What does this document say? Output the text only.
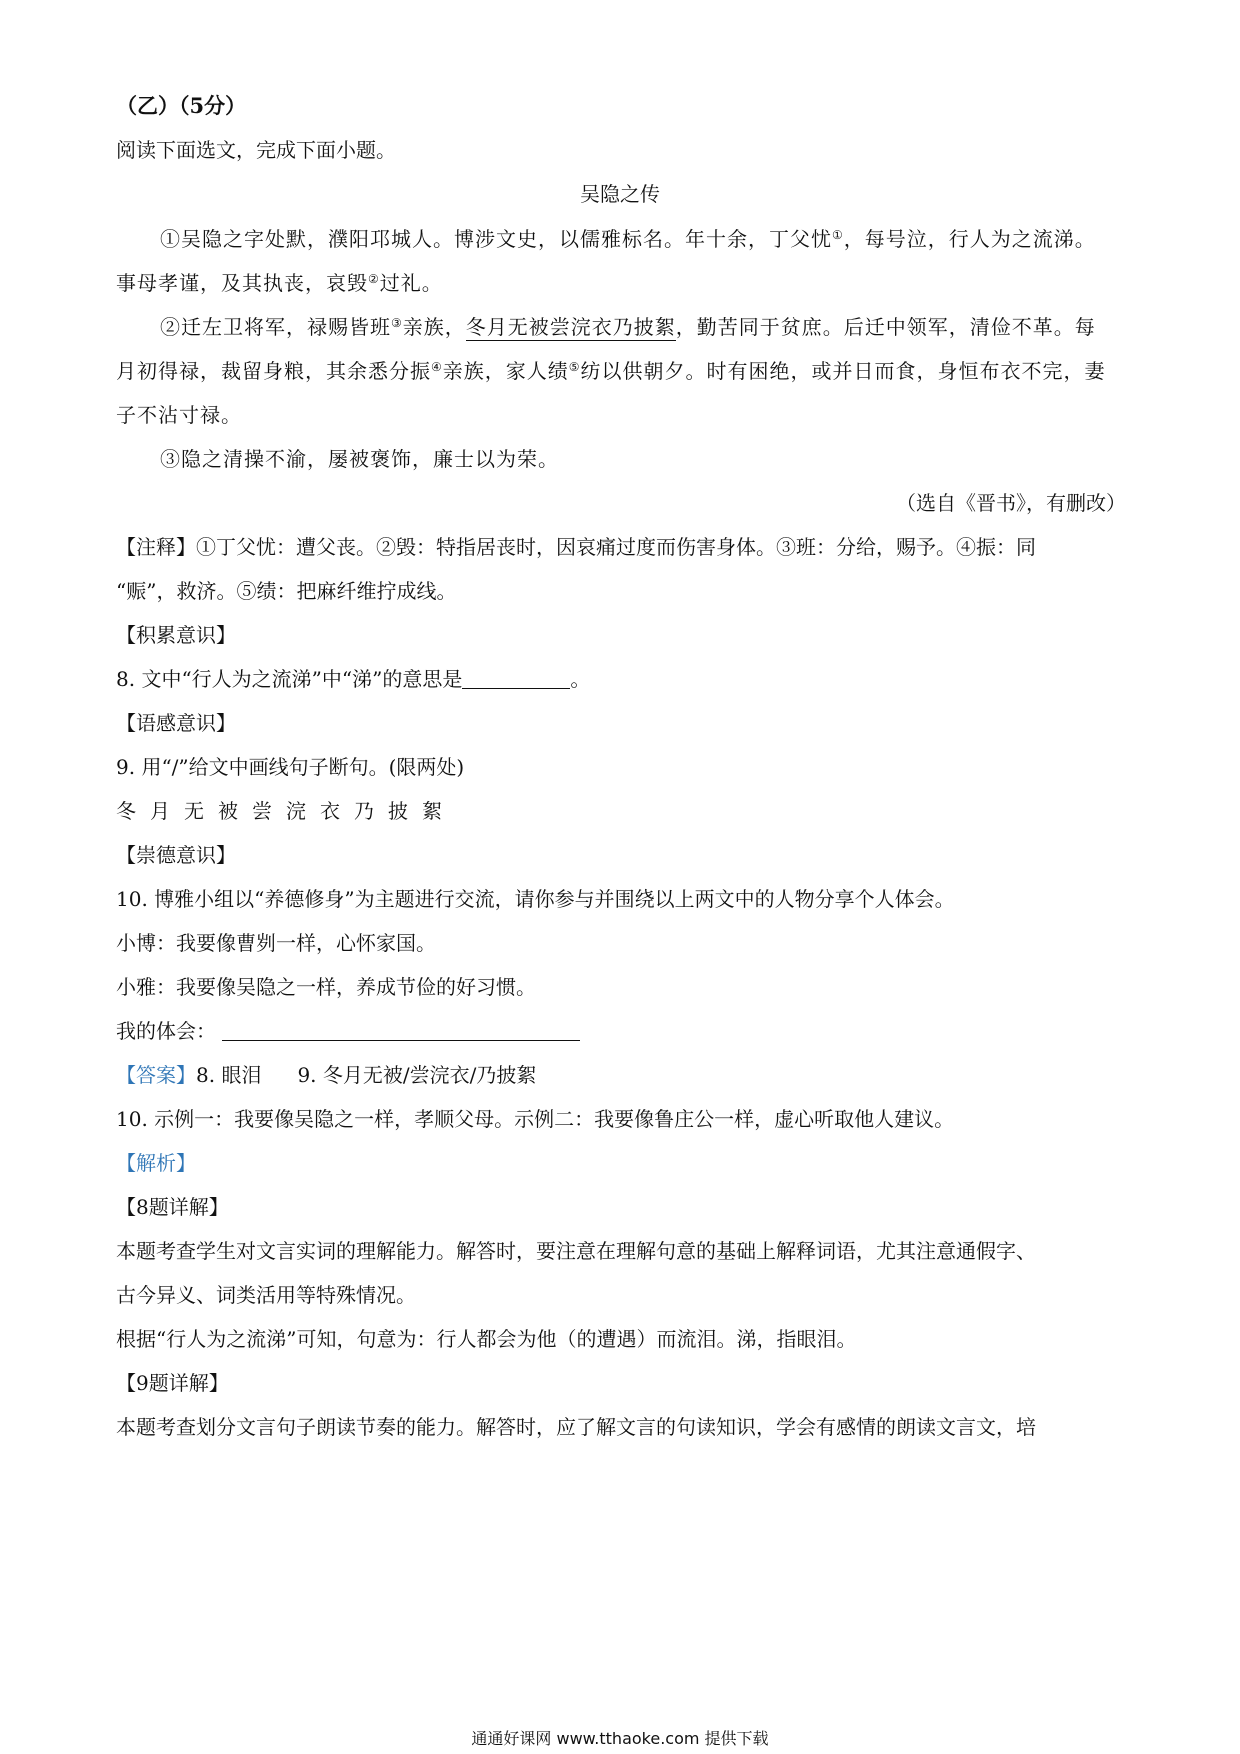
（乙）（5分）
阅读下面选文，完成下面小题。
吴隐之传
①吴隐之字处默，濮阳邛城人。博涉文史，以儒雅标名。年十余，丁父忧①，每号泣，行人为之流涕。
事母孝谨，及其执丧，哀毁②过礼。
②迁左卫将军，禄赐皆班③亲族，冬月无被尝浣衣乃披絮，勤苦同于贫庶。后迁中领军，清俭不革。每
月初得禄，裁留身粮，其余悉分振④亲族，家人绩⑤纺以供朝夕。时有困绝，或并日而食，身恒布衣不完，妻
子不沾寸禄。
③隐之清操不渝，屡被褒饰，廉士以为荣。
（选自《晋书》，有删改）
【注释】①丁父忧：遭父丧。②毁：特指居丧时，因哀痛过度而伤害身体。③班：分给，赐予。④振：同
“赈”，救济。⑤绩：把麻纤维拧成线。
【积累意识】
8. 文中“行人为之流涕”中“涕”的意思是	。
【语感意识】
9. 用“/”给文中画线句子断句。(限两处)
冬 月 无 被 尝 浣 衣 乃 披 絮
【崇德意识】
10. 博雅小组以“养德修身”为主题进行交流，请你参与并围绕以上两文中的人物分享个人体会。
小博：我要像曹刿一样，心怀家国。
小雅：我要像吴隐之一样，养成节俭的好习惯。
我的体会：
【答案】8. 眼泪 9. 冬月无被/尝浣衣/乃披絮
10. 示例一：我要像吴隐之一样，孝顺父母。示例二：我要像鲁庄公一样，虚心听取他人建议。
【解析】
【8题详解】
本题考查学生对文言实词的理解能力。解答时，要注意在理解句意的基础上解释词语，尤其注意通假字、
古今异义、词类活用等特殊情况。
根据“行人为之流涕”可知，句意为：行人都会为他（的遭遇）而流泪。涕，指眼泪。
【9题详解】
本题考查划分文言句子朗读节奏的能力。解答时，应了解文言的句读知识，学会有感情的朗读文言文，培
通通好课网 www.tthaoke.com 提供下载
